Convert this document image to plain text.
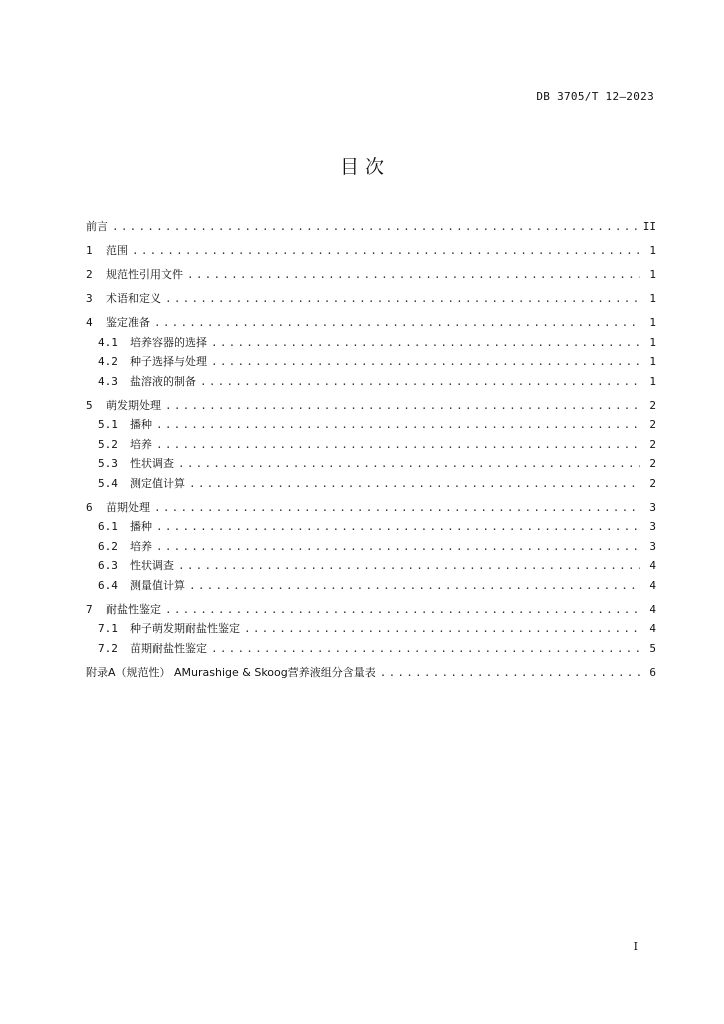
DB 3705/T 12—2023
目 次
前言 .....	II
1	范围 .....	1
2	规范性引用文件 .....	1
3	术语和定义 .....	1
4	鉴定准备 .....	1
4.1	培养容器的选择 .....	1
4.2	种子选择与处理 .....	1
4.3	盐溶液的制备 .....	1
5	萌发期处理 .....	2
5.1	播种 .....	2
5.2	培养 .....	2
5.3	性状调查 .....	2
5.4	测定值计算 .....	2
6	苗期处理 .....	3
6.1	播种 .....	3
6.2	培养 .....	3
6.3	性状调查 .....	4
6.4	测量值计算 .....	4
7	耐盐性鉴定 .....	4
7.1	种子萌发期耐盐性鉴定 .....	4
7.2	苗期耐盐性鉴定 .....	5
附录A（规范性） AMurashige & Skoog营养液组分含量表 .....	6
I
